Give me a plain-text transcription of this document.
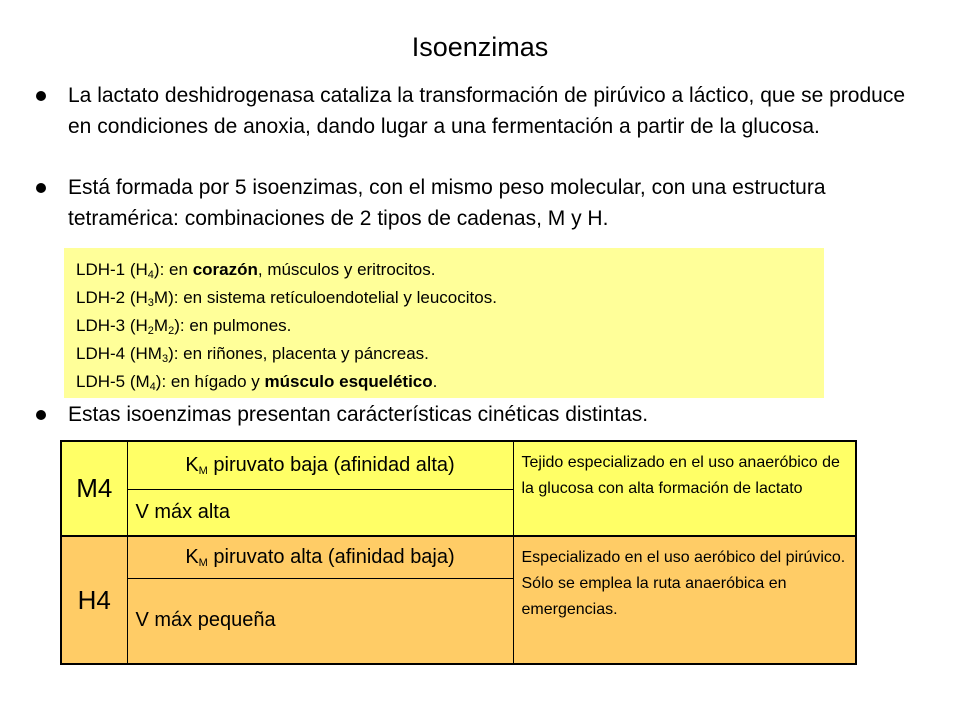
Isoenzimas
La lactato deshidrogenasa cataliza la transformación de pirúvico a láctico, que se produce en condiciones de anoxia, dando lugar a una fermentación a partir de la glucosa.
Está formada por 5 isoenzimas, con el mismo peso molecular, con una estructura tetramérica: combinaciones de 2 tipos de cadenas, M y H.
LDH-1 $(H_4)$: en corazón, músculos y eritrocitos.
LDH-2 $(H_3M)$: en sistema retículoendotelial y leucocitos.
LDH-3 $(H_2M_2)$: en pulmones.
LDH-4 $(HM_3)$: en riñones, placenta y páncreas.
LDH-5 $(M_4)$: en hígado y músculo esquelético.
Estas isoenzimas presentan carácterísticas cinéticas distintas.
M4	$K_M$ piruvato baja (afinidad alta)	Tejido especializado en el uso anaeróbico de la glucosa con alta formación de lactato
	V máx alta	
H4	$K_M$ piruvato alta (afinidad baja)	Especializado en el uso aeróbico del pirúvico. Sólo se emplea la ruta anaeróbica en emergencias.
	V máx pequeña	
